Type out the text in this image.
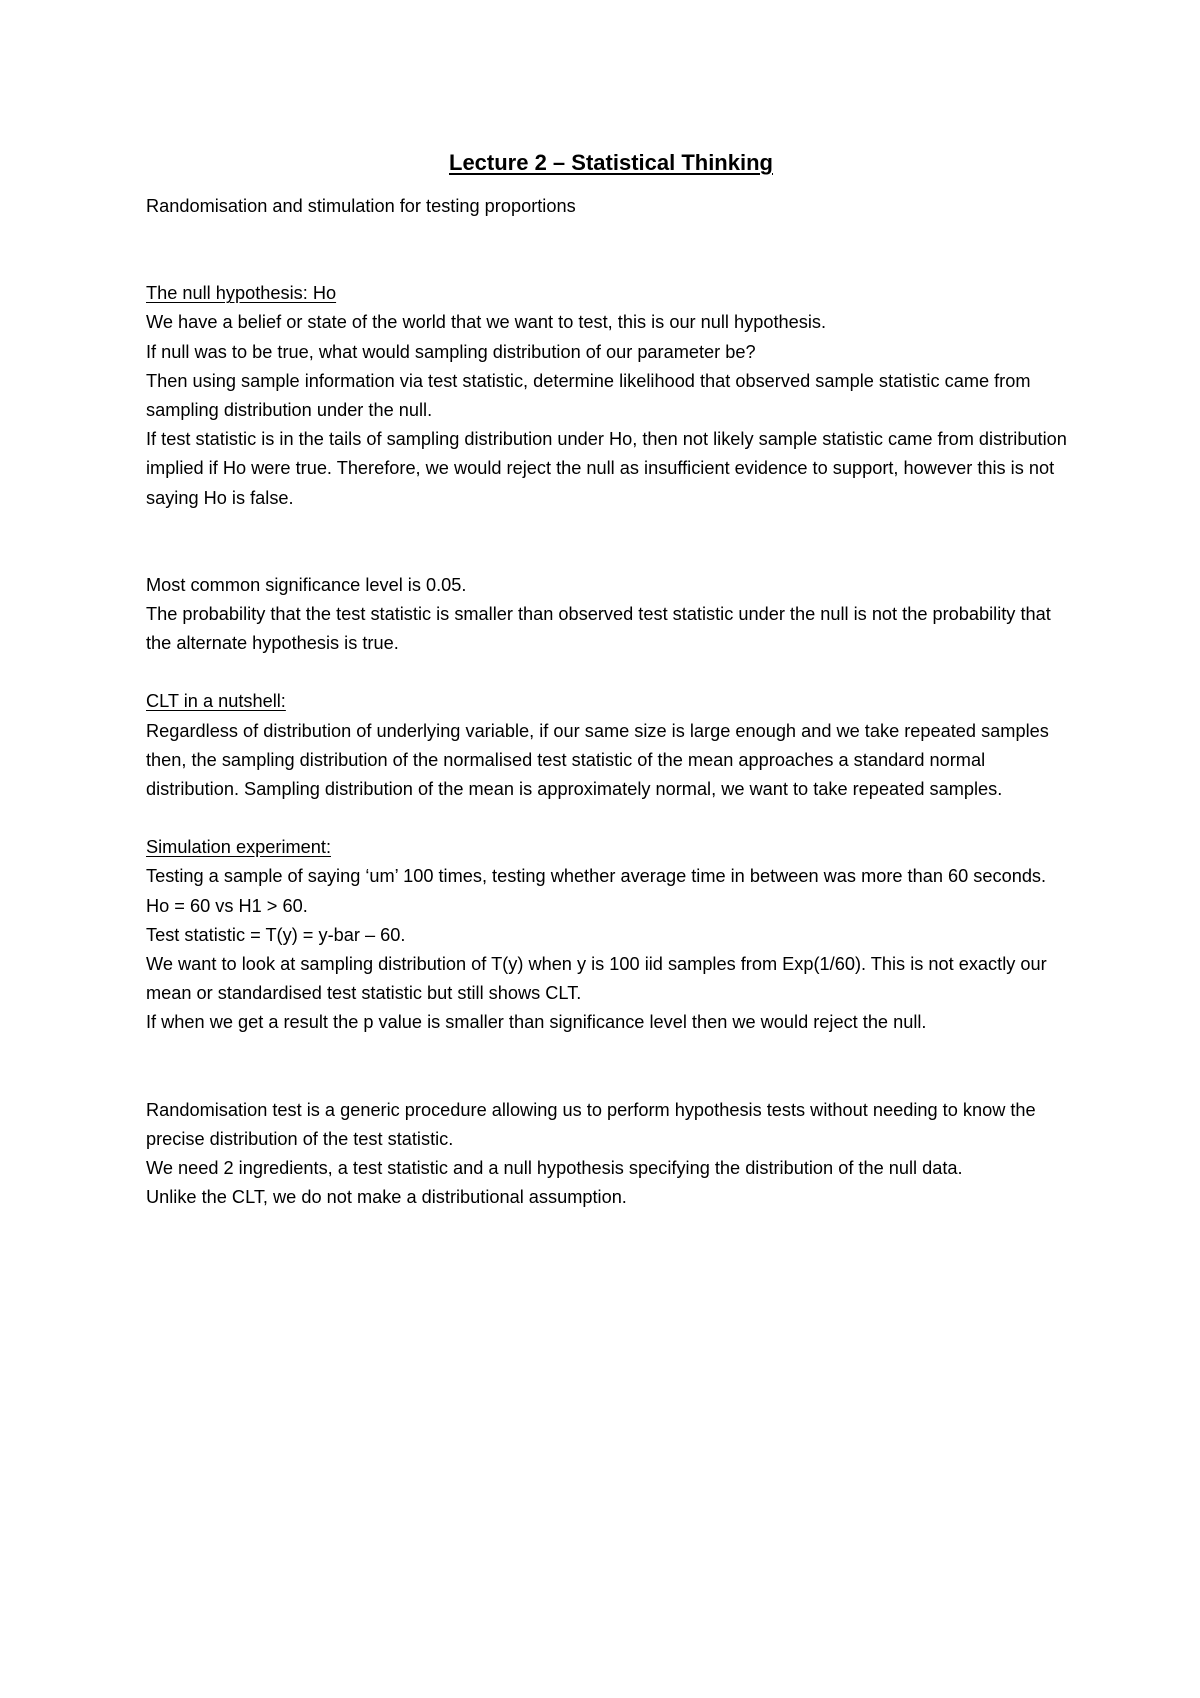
Lecture 2 – Statistical Thinking

Randomisation and stimulation for testing proportions

The null hypothesis: Ho

We have a belief or state of the world that we want to test, this is our null hypothesis.

If null was to be true, what would sampling distribution of our parameter be?

Then using sample information via test statistic, determine likelihood that observed sample statistic came from sampling distribution under the null.

If test statistic is in the tails of sampling distribution under Ho, then not likely sample statistic came from distribution implied if Ho were true. Therefore, we would reject the null as insufficient evidence to support, however this is not saying Ho is false.

Most common significance level is 0.05.

The probability that the test statistic is smaller than observed test statistic under the null is not the probability that the alternate hypothesis is true.

CLT in a nutshell:

Regardless of distribution of underlying variable, if our same size is large enough and we take repeated samples then, the sampling distribution of the normalised test statistic of the mean approaches a standard normal distribution. Sampling distribution of the mean is approximately normal, we want to take repeated samples.

Simulation experiment:

Testing a sample of saying ‘um’ 100 times, testing whether average time in between was more than 60 seconds.

Ho = 60 vs H1 > 60.

Test statistic = T(y) = y-bar – 60.

We want to look at sampling distribution of T(y) when y is 100 iid samples from Exp(1/60). This is not exactly our mean or standardised test statistic but still shows CLT.

If when we get a result the p value is smaller than significance level then we would reject the null.

Randomisation test is a generic procedure allowing us to perform hypothesis tests without needing to know the precise distribution of the test statistic.

We need 2 ingredients, a test statistic and a null hypothesis specifying the distribution of the null data.

Unlike the CLT, we do not make a distributional assumption.
